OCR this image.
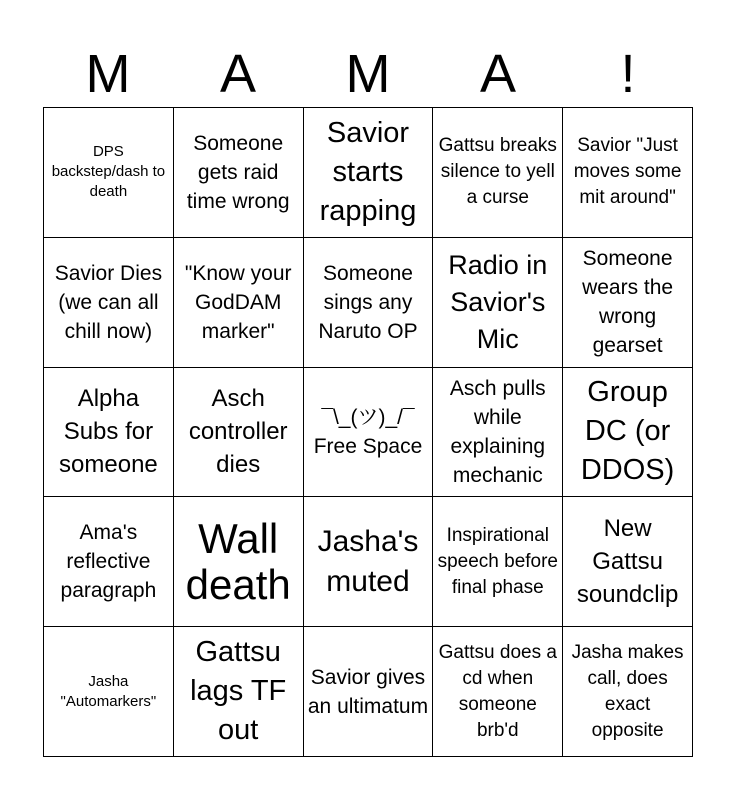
M	A	M	A	!
DPS backstep/dash to death
Someone gets raid time wrong
Savior starts rapping
Gattsu breaks silence to yell a curse
Savior "Just moves some mit around"
Savior Dies (we can all chill now)
"Know your GodDAM marker"
Someone sings any Naruto OP
Radio in Savior's Mic
Someone wears the wrong gearset
Alpha Subs for someone
Asch controller dies
¯\_(ツ)_/¯ Free Space
Asch pulls while explaining mechanic
Group DC (or DDOS)
Ama's reflective paragraph
Wall death
Jasha's muted
Inspirational speech before final phase
New Gattsu soundclip
Jasha "Automarkers"
Gattsu lags TF out
Savior gives an ultimatum
Gattsu does a cd when someone brb'd
Jasha makes call, does exact opposite
